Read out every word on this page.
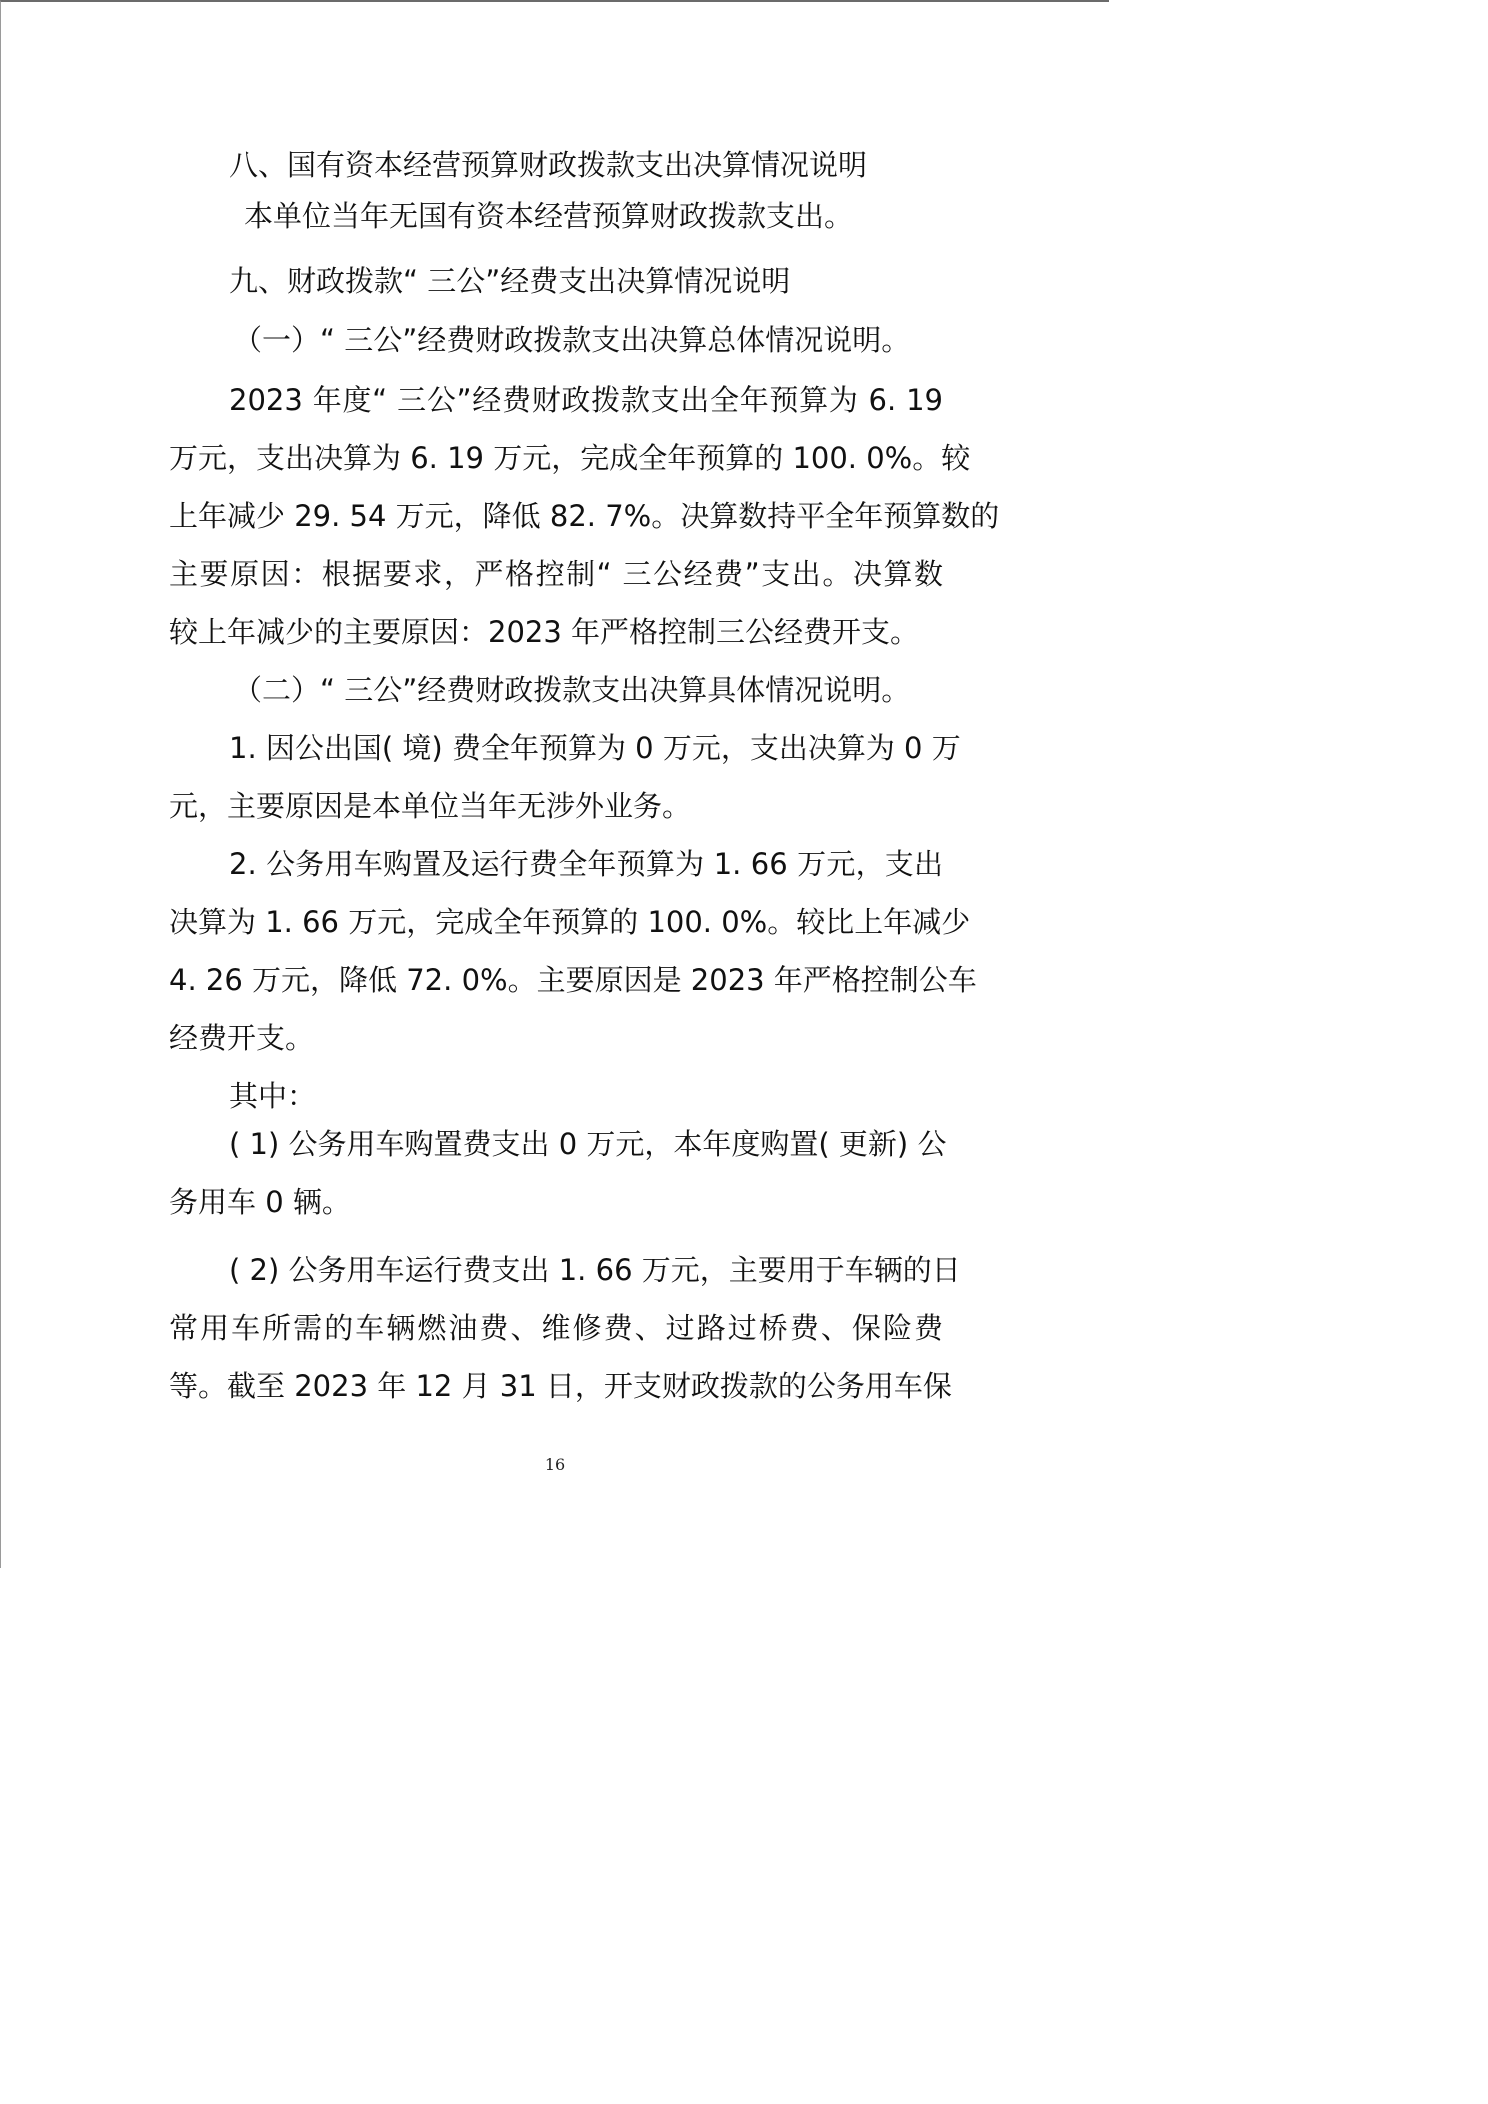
八、国有资本经营预算财政拨款支出决算情况说明

本单位当年无国有资本经营预算财政拨款支出。

九、财政拨款“ 三公”经费支出决算情况说明

（一）“ 三公”经费财政拨款支出决算总体情况说明。

2023 年度“ 三公”经费财政拨款支出全年预算为 6. 19

万元，支出决算为 6. 19 万元，完成全年预算的 100. 0%。较

上年减少 29. 54 万元，降低 82. 7%。决算数持平全年预算数的

主要原因：根据要求，严格控制“ 三公经费”支出。决算数

较上年减少的主要原因：2023 年严格控制三公经费开支。

（二）“ 三公”经费财政拨款支出决算具体情况说明。

1. 因公出国( 境) 费全年预算为 0 万元，支出决算为 0 万

元，主要原因是本单位当年无涉外业务。

2. 公务用车购置及运行费全年预算为 1. 66 万元，支出

决算为 1. 66 万元，完成全年预算的 100. 0%。较比上年减少

4. 26 万元，降低 72. 0%。主要原因是 2023 年严格控制公车

经费开支。

其中：

( 1) 公务用车购置费支出 0 万元，本年度购置( 更新) 公

务用车 0 辆。

( 2) 公务用车运行费支出 1. 66 万元，主要用于车辆的日

常用车所需的车辆燃油费、维修费、过路过桥费、保险费

等。截至 2023 年 12 月 31 日，开支财政拨款的公务用车保

16
